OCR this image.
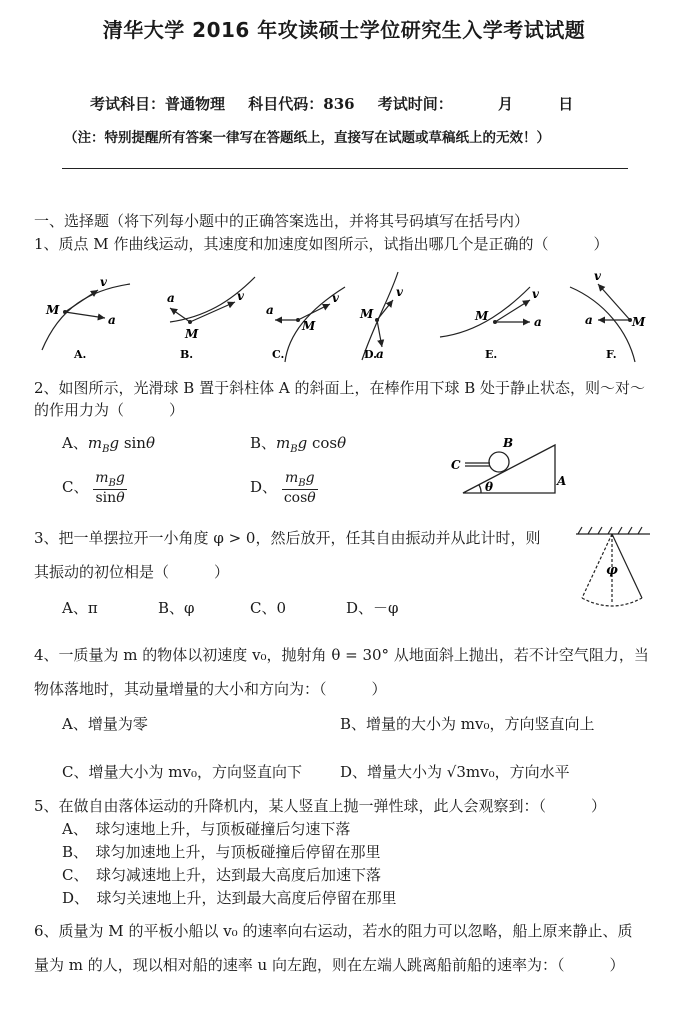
清华大学 2016 年攻读硕士学位研究生入学考试试题
考试科目：普通物理 科目代码：836 考试时间：	月	日
（注：特别提醒所有答案一律写在答题纸上，直接写在试题或草稿纸上的无效！）
一、选择题（将下列每小题中的正确答案选出，并将其号码填写在括号内）
1、质点 M 作曲线运动，其速度和加速度如图所示，试指出哪几个是正确的（　　　）
M
v
a
M
a	v
M
a
v
M
v
a
M
v
a	M
v
a
A.	B.	C.	D.	E.	F.
2、如图所示，光滑球 B 置于斜柱体 A 的斜面上，在棒作用下球 B 处于静止状态，则～对～
的作用力为（　　　）
A、$m_Bg$ sinθ	B、$m_Bg$ cosθ
C、 $\frac{m_Bg}{\sin\theta}$	D、 $\frac{m_Bg}{\cos\theta}$
B
C
A
θ
3、把一单摆拉开一小角度 φ > 0，然后放开，任其自由振动并从此计时，则
其振动的初位相是（　　　）
A、π	B、φ	C、0	D、－φ
φ
4、一质量为 m 的物体以初速度 v₀，抛射角 θ = 30° 从地面斜上抛出，若不计空气阻力，当
物体落地时，其动量增量的大小和方向为：（　　　）
A、增量为零	B、增量的大小为 mv₀，方向竖直向上
C、增量大小为 mv₀，方向竖直向下	D、增量大小为 √3mv₀，方向水平
5、在做自由落体运动的升降机内，某人竖直上抛一弹性球，此人会观察到：（　　　）
A、　球匀速地上升，与顶板碰撞后匀速下落
B、　球匀加速地上升，与顶板碰撞后停留在那里
C、　球匀减速地上升，达到最大高度后加速下落
D、　球匀关速地上升，达到最大高度后停留在那里
6、质量为 M 的平板小船以 v₀ 的速率向右运动，若水的阻力可以忽略，船上原来静止、质
量为 m 的人，现以相对船的速率 u 向左跑，则在左端人跳离船前船的速率为：（　　　）
